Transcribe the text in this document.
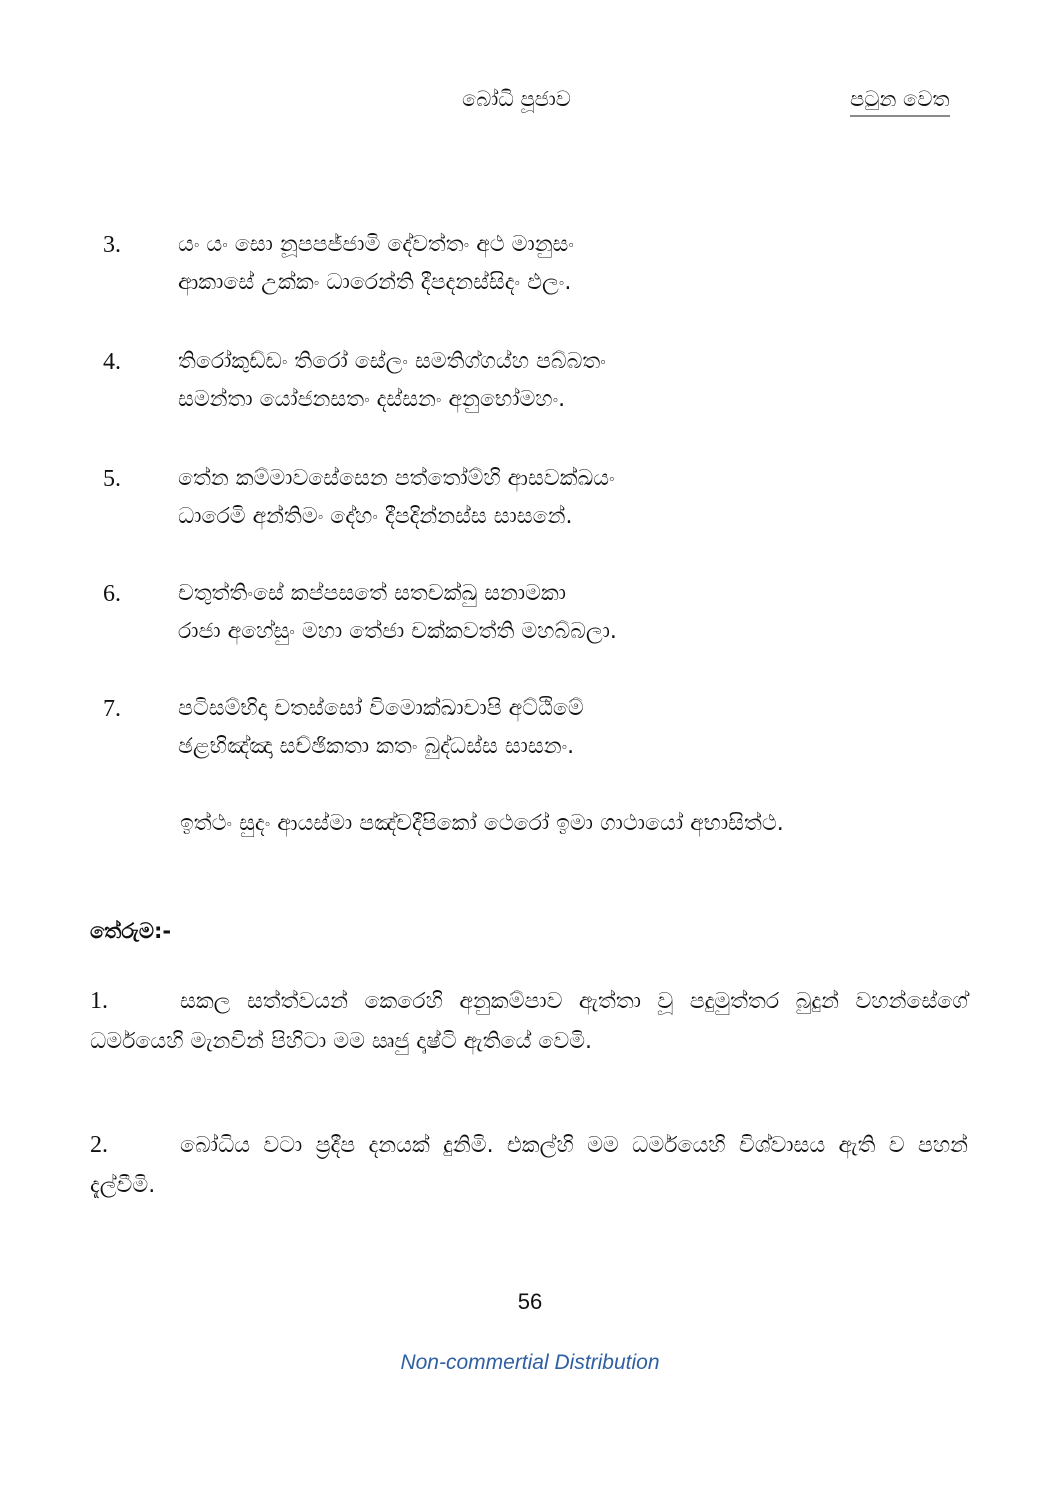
බෝධි පූජාව	පටුන වෙත
3.	යං යං සො නූපපජ්ජාමි දේවත්තං අථ මානුසං
ආකාසේ උක්කං ධාරෙන්ති දීපදනස්සිදං ඵලං.
4.	තිරෝකුඩ්ඩං තිරෝ සේලං සමතිග්ගය්හ පබ්බතං
සමන්තා යෝජනසතං දස්සනං අනුභෝමහං.
5.	තේන කම්මාවසේසෙන පත්තෝම්හි ආසවක්ඛයං
ධාරෙමි අන්තිමං දේහං දීපදින්නස්ස සාසනේ.
6.	චතුත්තිංසේ කප්පසතේ සතචක්ඛු සනාමකා
රාජා අහේසුං මහා තේජා චක්කවත්ති මහබ්බලා.
7.	පටිසම්භිදා චතස්සෝ විමොක්ඛාචාපි අට්ඨිමේ
ඡළභිඤ්ඤා සච්ඡිකතා කතං බුද්ධස්ස සාසනං.

ඉත්ථං සුදං ආයස්මා පඤ්චදීපිකෝ ථෙරෝ ඉමා ගාථායෝ අභාසිත්ථ.

තේරුම:-

1.	සකල සත්ත්වයන් කෙරෙහි අනුකම්පාව ඇත්තා වූ පදුමුත්තර බුදුන් වහන්සේගේ ධර්මයෙහි මැනවින් පිහිටා මම ඍජු දෘෂ්ටි ඇතියේ වෙමි.

2.	බෝධිය වටා ප්‍රදීප දනයක් දුනිමි. එකල්හි මම ධර්මයෙහි විශ්වාසය ඇති ව පහන් දැල්වීමි.

56
Non-commertial Distribution
